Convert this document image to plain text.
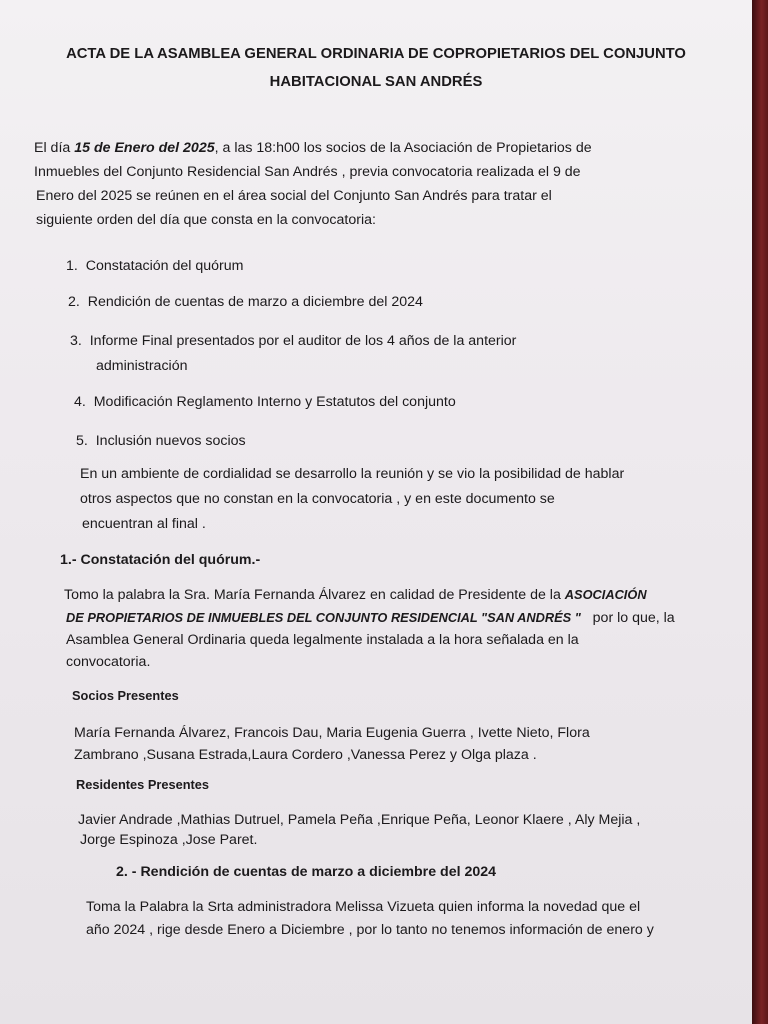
ACTA DE LA ASAMBLEA GENERAL ORDINARIA DE COPROPIETARIOS DEL CONJUNTO
HABITACIONAL SAN ANDRÉS
El día 15 de Enero del 2025, a las 18:h00 los socios de la Asociación de Propietarios de
Inmuebles del Conjunto Residencial San Andrés , previa convocatoria realizada el 9 de
Enero del 2025 se reúnen en el área social del Conjunto San Andrés para tratar el
siguiente orden del día que consta en la convocatoria:
1. Constatación del quórum
2. Rendición de cuentas de marzo a diciembre del 2024
3. Informe Final presentados por el auditor de los 4 años de la anterior
administración
4. Modificación Reglamento Interno y Estatutos del conjunto
5. Inclusión nuevos socios
En un ambiente de cordialidad se desarrollo la reunión y se vio la posibilidad de hablar
otros aspectos que no constan en la convocatoria , y en este documento se
encuentran al final .
1.- Constatación del quórum.-
Tomo la palabra la Sra. María Fernanda Álvarez en calidad de Presidente de la ASOCIACIÓN
DE PROPIETARIOS DE INMUEBLES DEL CONJUNTO RESIDENCIAL "SAN ANDRÉS " por lo que, la
Asamblea General Ordinaria queda legalmente instalada a la hora señalada en la
convocatoria.
Socios Presentes
María Fernanda Álvarez, Francois Dau, Maria Eugenia Guerra , Ivette Nieto, Flora
Zambrano ,Susana Estrada,Laura Cordero ,Vanessa Perez y Olga plaza .
Residentes Presentes
Javier Andrade ,Mathias Dutruel, Pamela Peña ,Enrique Peña, Leonor Klaere , Aly Mejia ,
Jorge Espinoza ,Jose Paret.
2. - Rendición de cuentas de marzo a diciembre del 2024
Toma la Palabra la Srta administradora Melissa Vizueta quien informa la novedad que el
año 2024 , rige desde Enero a Diciembre , por lo tanto no tenemos información de enero y
